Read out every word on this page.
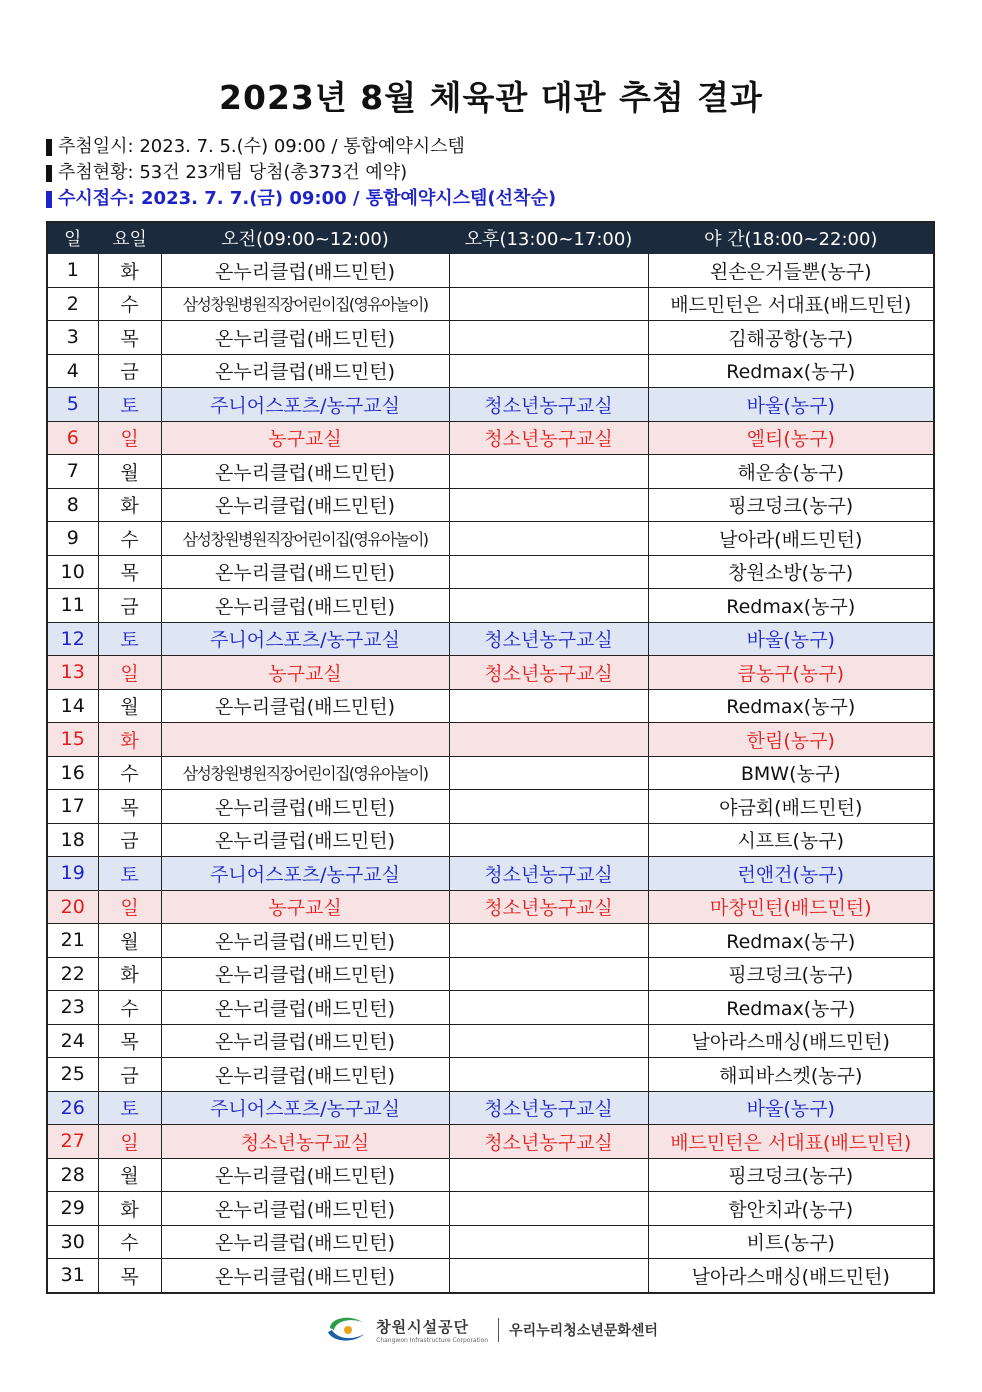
2023년 8월 체육관 대관 추첨 결과
추첨일시: 2023. 7. 5.(수) 09:00 / 통합예약시스템
추첨현황: 53건 23개팀 당첨(총373건 예약)
수시접수: 2023. 7. 7.(금) 09:00 / 통합예약시스템(선착순)
일	요일	오전(09:00~12:00)	오후(13:00~17:00)	야 간(18:00~22:00)
1	화	온누리클럽(배드민턴)		왼손은거들뿐(농구)
2	수	삼성창원병원직장어린이집(영유아놀이)		배드민턴은 서대표(배드민턴)
3	목	온누리클럽(배드민턴)		김해공항(농구)
4	금	온누리클럽(배드민턴)		Redmax(농구)
5	토	주니어스포츠/농구교실	청소년농구교실	바울(농구)
6	일	농구교실	청소년농구교실	엘티(농구)
7	월	온누리클럽(배드민턴)		해운송(농구)
8	화	온누리클럽(배드민턴)		핑크덩크(농구)
9	수	삼성창원병원직장어린이집(영유아놀이)		날아라(배드민턴)
10	목	온누리클럽(배드민턴)		창원소방(농구)
11	금	온누리클럽(배드민턴)		Redmax(농구)
12	토	주니어스포츠/농구교실	청소년농구교실	바울(농구)
13	일	농구교실	청소년농구교실	큼농구(농구)
14	월	온누리클럽(배드민턴)		Redmax(농구)
15	화			한림(농구)
16	수	삼성창원병원직장어린이집(영유아놀이)		BMW(농구)
17	목	온누리클럽(배드민턴)		야금회(배드민턴)
18	금	온누리클럽(배드민턴)		시프트(농구)
19	토	주니어스포츠/농구교실	청소년농구교실	런앤건(농구)
20	일	농구교실	청소년농구교실	마창민턴(배드민턴)
21	월	온누리클럽(배드민턴)		Redmax(농구)
22	화	온누리클럽(배드민턴)		핑크덩크(농구)
23	수	온누리클럽(배드민턴)		Redmax(농구)
24	목	온누리클럽(배드민턴)		날아라스매싱(배드민턴)
25	금	온누리클럽(배드민턴)		해피바스켓(농구)
26	토	주니어스포츠/농구교실	청소년농구교실	바울(농구)
27	일	청소년농구교실	청소년농구교실	배드민턴은 서대표(배드민턴)
28	월	온누리클럽(배드민턴)		핑크덩크(농구)
29	화	온누리클럽(배드민턴)		함안치과(농구)
30	수	온누리클럽(배드민턴)		비트(농구)
31	목	온누리클럽(배드민턴)		날아라스매싱(배드민턴)
창원시설공단
Changwon Infrastructure Corporation
우리누리청소년문화센터
